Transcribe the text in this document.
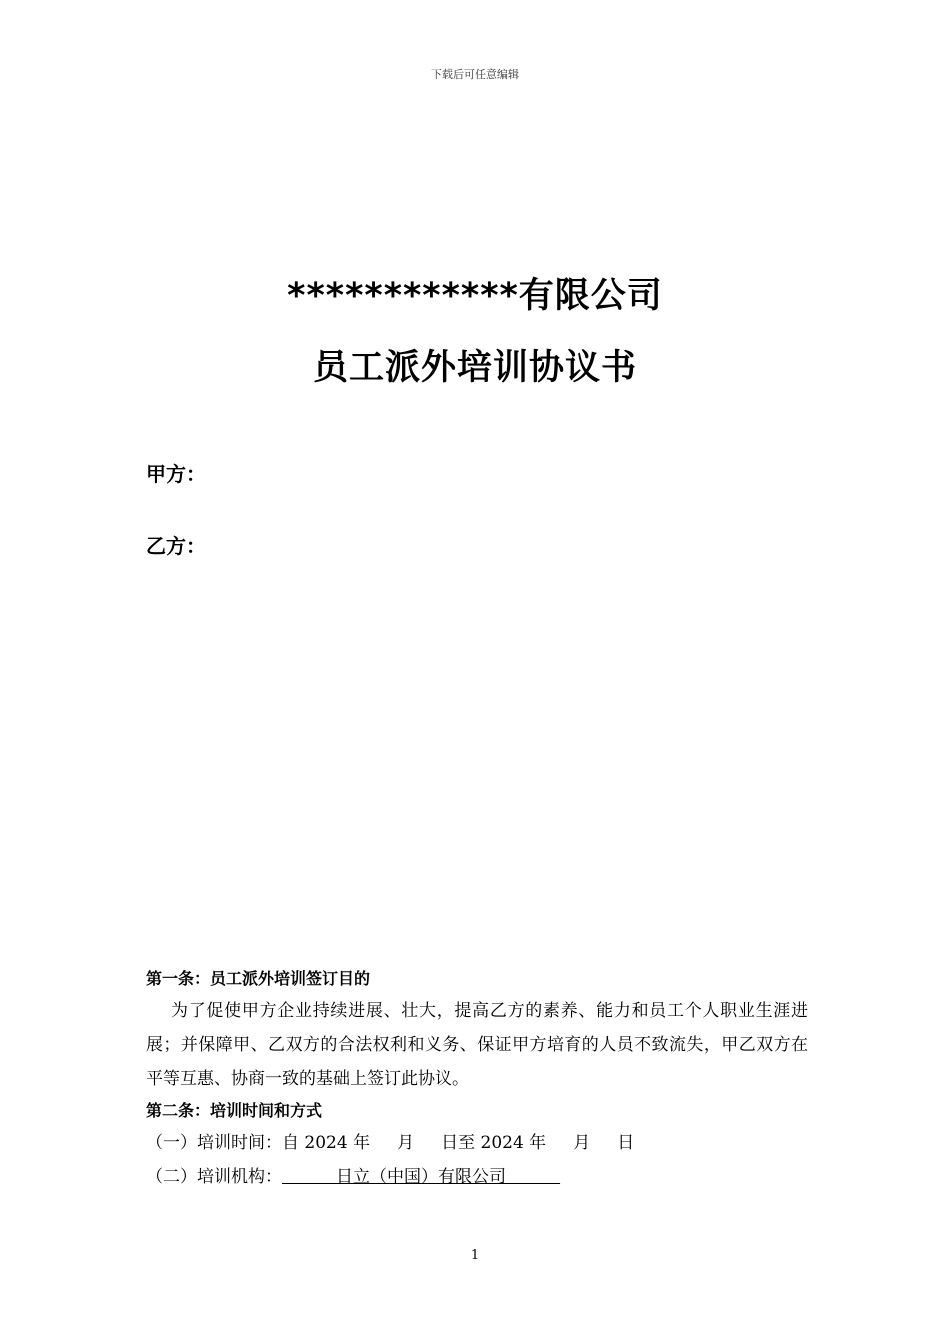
下载后可任意编辑
************有限公司
员工派外培训协议书
甲方：
乙方：
第一条：员工派外培训签订目的
为了促使甲方企业持续进展、壮大，提高乙方的素养、能力和员工个人职业生涯进展；并保障甲、乙双方的合法权利和义务、保证甲方培育的人员不致流失，甲乙双方在平等互惠、协商一致的基础上签订此协议。
第二条：培训时间和方式
（一）培训时间：自 2024 年     月     日至 2024 年     月     日
（二）培训机构：          日立（中国）有限公司
1
